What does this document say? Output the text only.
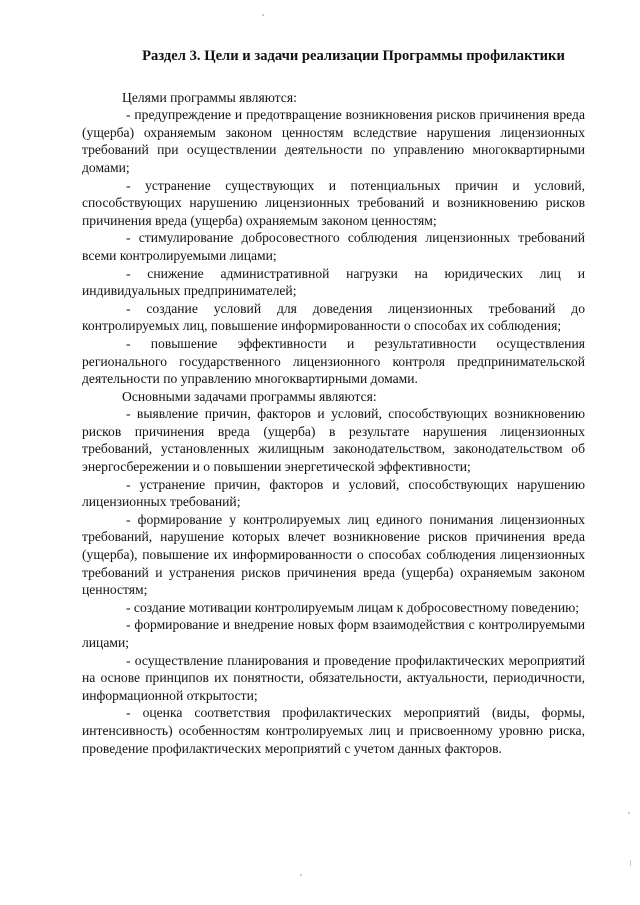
Раздел 3. Цели и задачи реализации Программы профилактики

Целями программы являются:

- предупреждение и предотвращение возникновения рисков причинения вреда (ущерба) охраняемым законом ценностям вследствие нарушения лицензионных требований при осуществлении деятельности по управлению многоквартирными домами;

- устранение существующих и потенциальных причин и условий, способствующих нарушению лицензионных требований и возникновению рисков причинения вреда (ущерба) охраняемым законом ценностям;

- стимулирование добросовестного соблюдения лицензионных требований всеми контролируемыми лицами;

- снижение административной нагрузки на юридических лиц и индивидуальных предпринимателей;

- создание условий для доведения лицензионных требований до контролируемых лиц, повышение информированности о способах их соблюдения;

- повышение эффективности и результативности осуществления регионального государственного лицензионного контроля предпринимательской деятельности по управлению многоквартирными домами.

Основными задачами программы являются:

- выявление причин, факторов и условий, способствующих возникновению рисков причинения вреда (ущерба) в результате нарушения лицензионных требований, установленных жилищным законодательством, законодательством об энергосбережении и о повышении энергетической эффективности;

- устранение причин, факторов и условий, способствующих нарушению лицензионных требований;

- формирование у контролируемых лиц единого понимания лицензионных требований, нарушение которых влечет возникновение рисков причинения вреда (ущерба), повышение их информированности о способах соблюдения лицензионных требований и устранения рисков причинения вреда (ущерба) охраняемым законом ценностям;

- создание мотивации контролируемым лицам к добросовестному поведению;

- формирование и внедрение новых форм взаимодействия с контролируемыми лицами;

- осуществление планирования и проведение профилактических мероприятий на основе принципов их понятности, обязательности, актуальности, периодичности, информационной открытости;

- оценка соответствия профилактических мероприятий (виды, формы, интенсивность) особенностям контролируемых лиц и присвоенному уровню риска, проведение профилактических мероприятий с учетом данных факторов.
